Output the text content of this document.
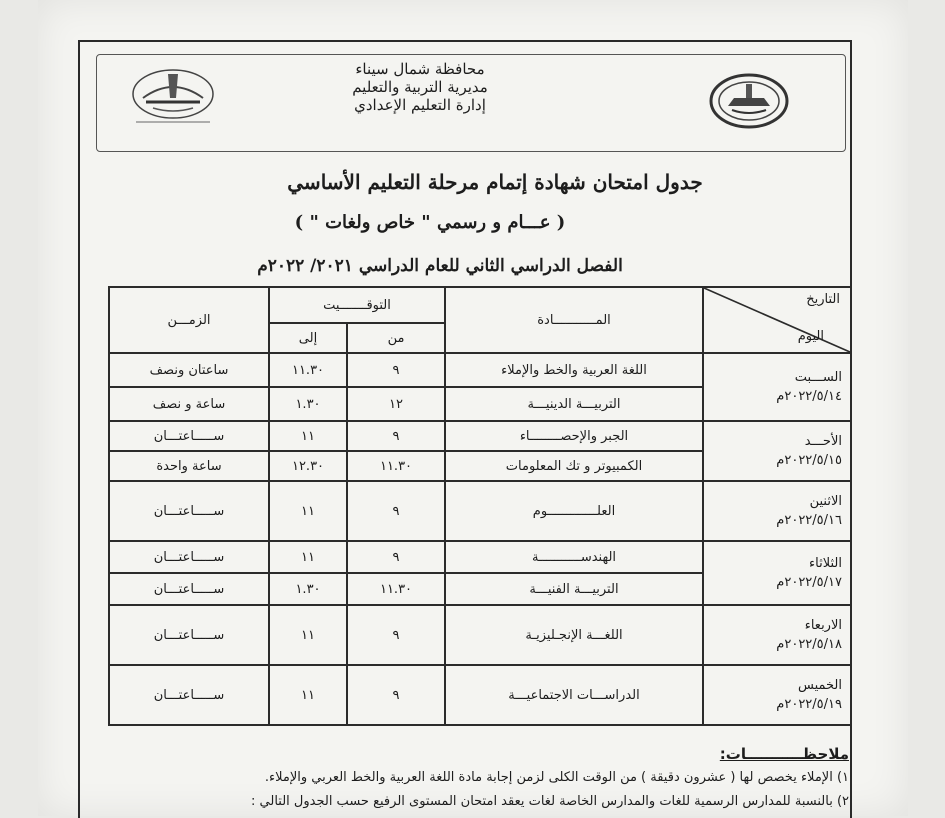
محافظة شمال سيناء
مديرية التربية والتعليم
إدارة التعليم الإعدادي
جدول امتحان شهادة إتمام مرحلة التعليم الأساسي
( عـــام و رسمي " خاص ولغات " )
الفصل الدراسي الثاني للعام الدراسي ٢٠٢١/ ٢٠٢٢م
التاريخ
اليوم	المـــــــــــادة	التوقـــــــيت		الزمـــن
		من	إلى	

الســـبت
٢٠٢٢/٥/١٤م	اللغة العربية والخط والإملاء	٩	١١.٣٠	ساعتان ونصف
	التربيـــة الدينيـــة	١٢	١.٣٠	ساعة و نصف

الأحـــد
٢٠٢٢/٥/١٥م	الجبر والإحصــــــــاء	٩	١١	ســـــاعتـــان
	الكمبيوتر و تك المعلومات	١١.٣٠	١٢.٣٠	ساعة واحدة

الاثنين
٢٠٢٢/٥/١٦م	العلـــــــــــــوم	٩	١١	ســـــاعتـــان

الثلاثاء
٢٠٢٢/٥/١٧م	الهندســـــــــــة	٩	١١	ســـــاعتـــان
	التربيـــة الفنيـــة	١١.٣٠	١.٣٠	ســـــاعتـــان

الاربعاء
٢٠٢٢/٥/١٨م	اللغـــة الإنجـليزيـة	٩	١١	ســـــاعتـــان

الخميس
٢٠٢٢/٥/١٩م	الدراســـات الاجتماعيـــة	٩	١١	ســـــاعتـــان
ملاحظـــــــــــات:
١) الإملاء يخصص لها ( عشرون دقيقة ) من الوقت الكلى لزمن إجابة مادة اللغة العربية والخط العربي والإملاء.
٢) بالنسبة للمدارس الرسمية للغات والمدارس الخاصة لغات يعقد امتحان المستوى الرفيع حسب الجدول التالي :
